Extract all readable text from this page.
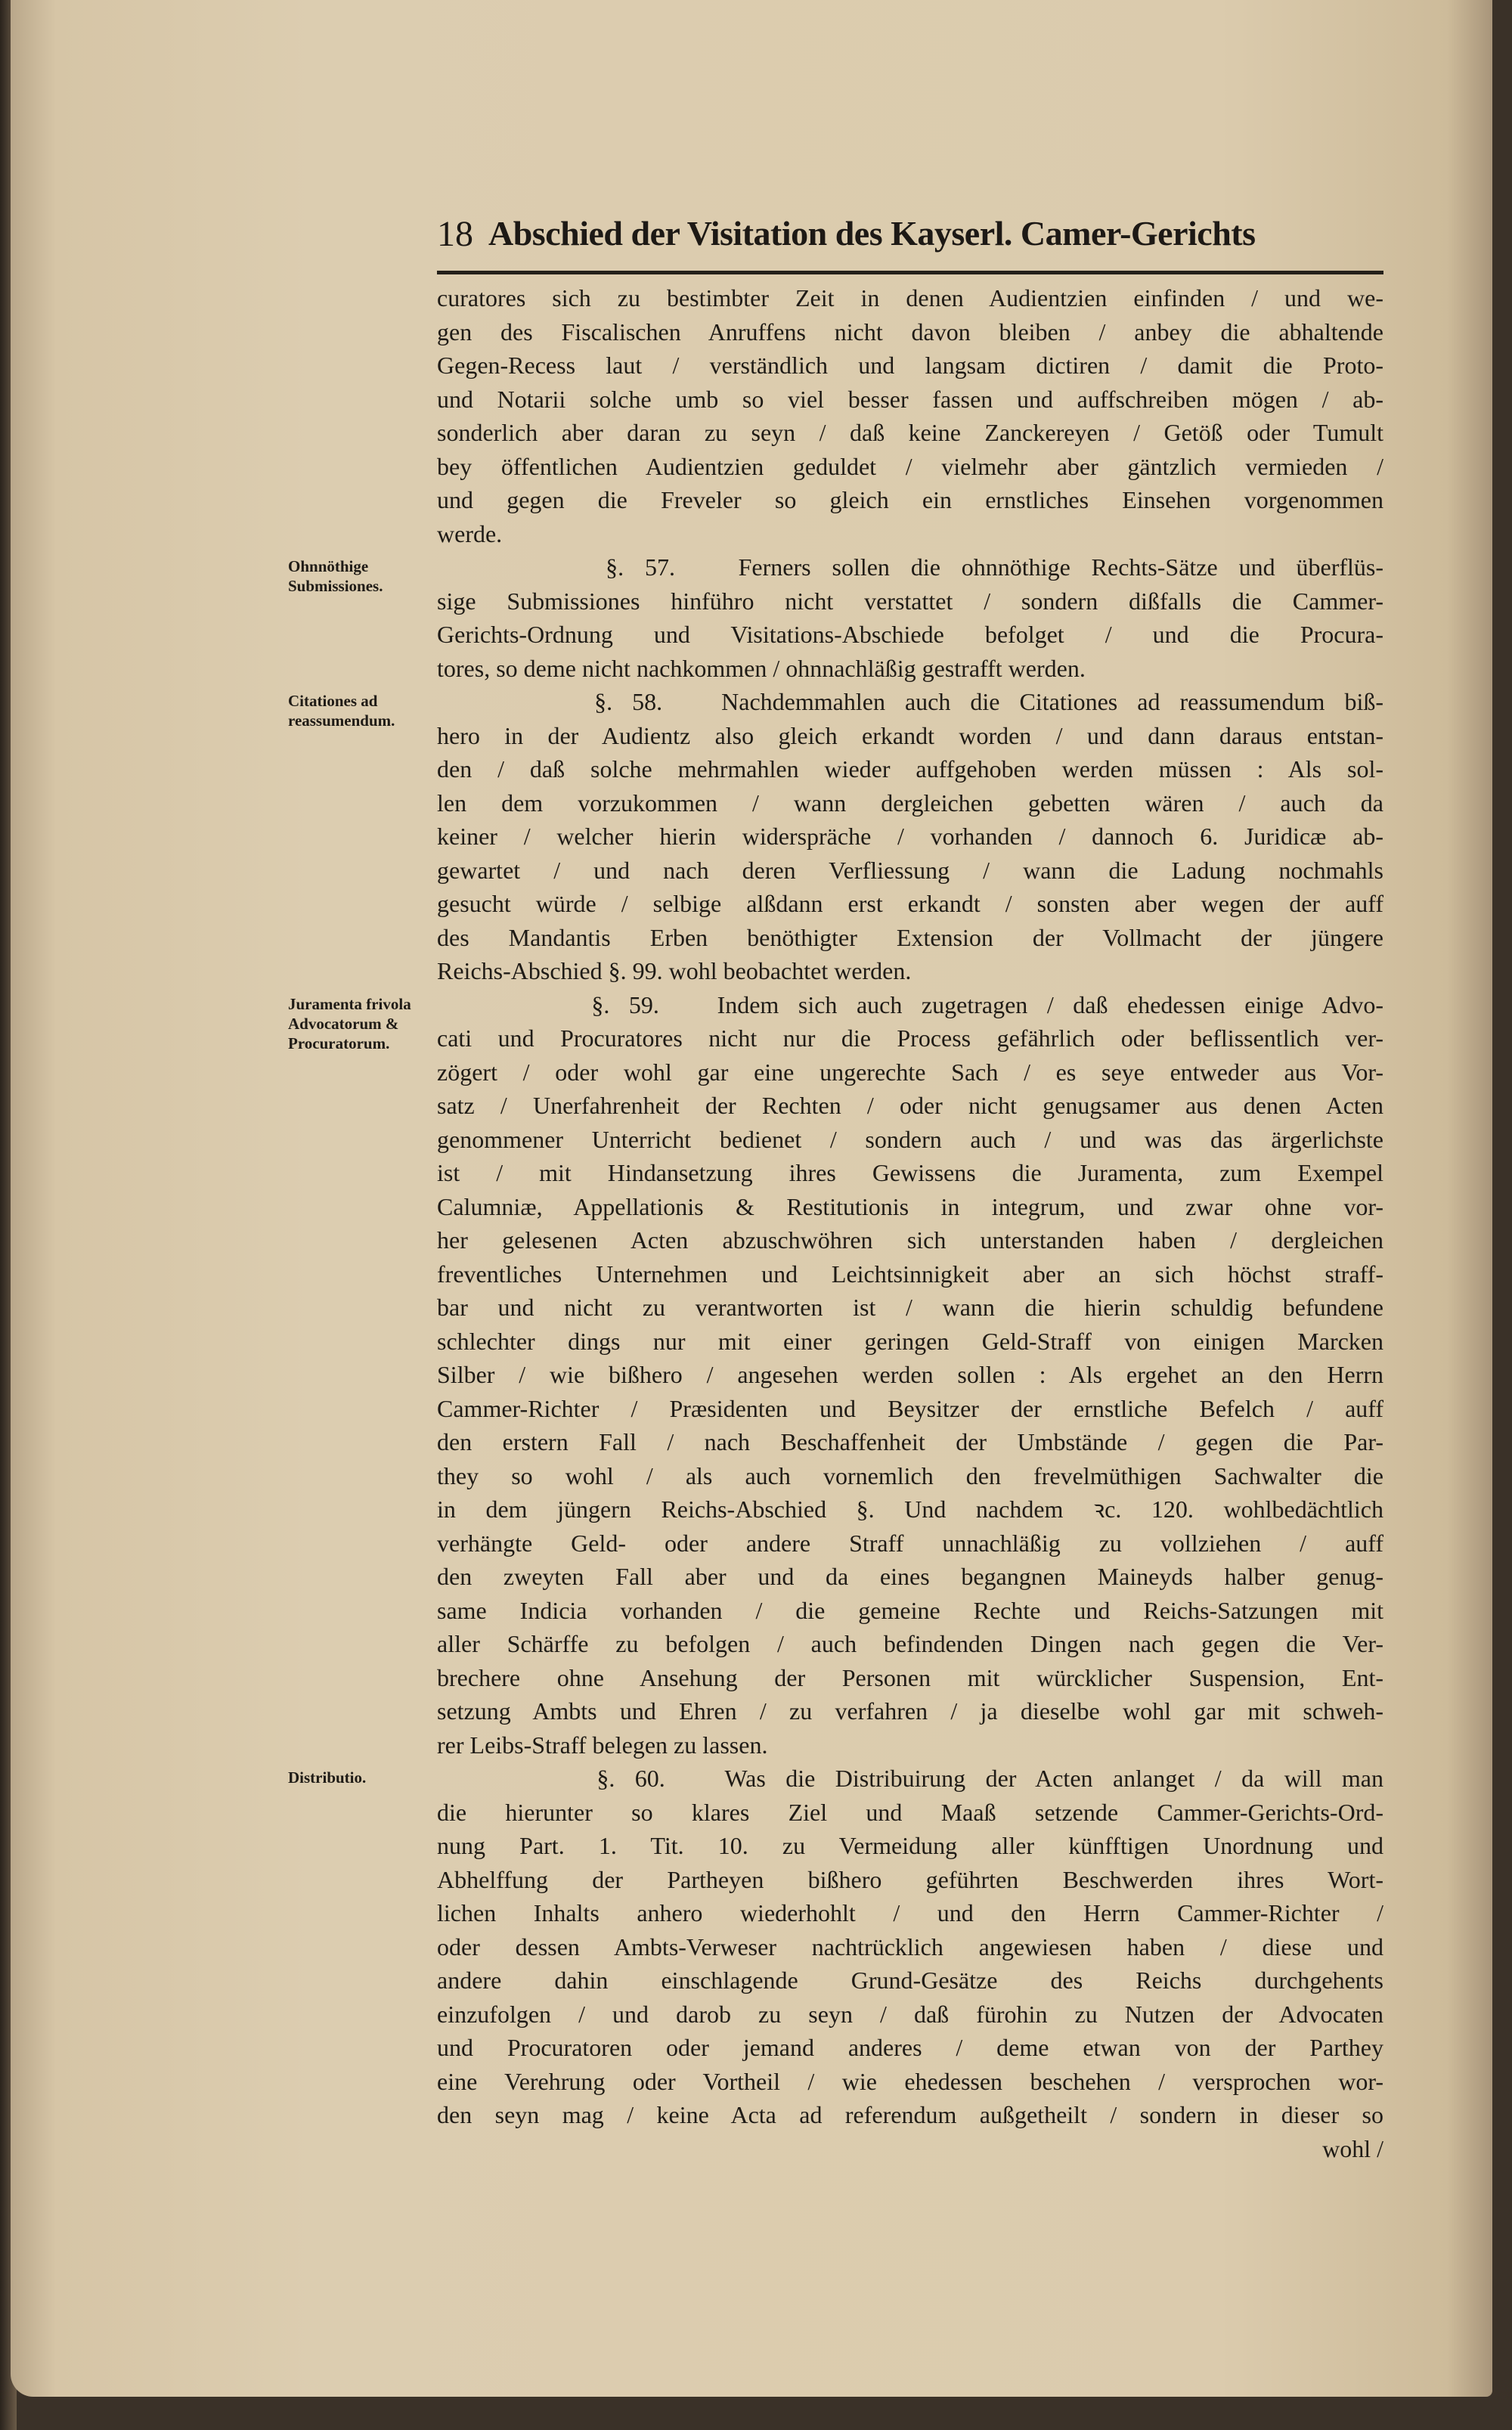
18 Abschied der Visitation des Kayserl. Camer-Gerichts
curatores sich zu bestimbter Zeit in denen Audientzien einfinden / und we-
gen des Fiscalischen Anruffens nicht davon bleiben / anbey die abhaltende
Gegen-Recess laut / verständlich und langsam dictiren / damit die Proto-
und Notarii solche umb so viel besser fassen und auffschreiben mögen / ab-
sonderlich aber daran zu seyn / daß keine Zanckereyen / Getöß oder Tumult
bey öffentlichen Audientzien geduldet / vielmehr aber gäntzlich vermieden /
und gegen die Freveler so gleich ein ernstliches Einsehen vorgenommen
werde.
§. 57.   Ferners sollen die ohnnöthige Rechts-Sätze und überflüs-
sige Submissiones hinführo nicht verstattet / sondern dißfalls die Cammer-
Gerichts-Ordnung und Visitations-Abschiede befolget / und die Procura-
tores, so deme nicht nachkommen / ohnnachläßig gestrafft werden.
§. 58.   Nachdemmahlen auch die Citationes ad reassumendum biß-
hero in der Audientz also gleich erkandt worden / und dann daraus entstan-
den / daß solche mehrmahlen wieder auffgehoben werden müssen : Als sol-
len dem vorzukommen / wann dergleichen gebetten wären / auch da
keiner / welcher hierin widerspräche / vorhanden / dannoch 6. Juridicæ ab-
gewartet / und nach deren Verfliessung / wann die Ladung nochmahls
gesucht würde / selbige alßdann erst erkandt / sonsten aber wegen der auff
des Mandantis Erben benöthigter Extension der Vollmacht der jüngere
Reichs-Abschied §. 99. wohl beobachtet werden.
§. 59.   Indem sich auch zugetragen / daß ehedessen einige Advo-
cati und Procuratores nicht nur die Process gefährlich oder beflissentlich ver-
zögert / oder wohl gar eine ungerechte Sach / es seye entweder aus Vor-
satz / Unerfahrenheit der Rechten / oder nicht genugsamer aus denen Acten
genommener Unterricht bedienet / sondern auch / und was das ärgerlichste
ist / mit Hindansetzung ihres Gewissens die Juramenta, zum Exempel
Calumniæ, Appellationis & Restitutionis in integrum, und zwar ohne vor-
her gelesenen Acten abzuschwöhren sich unterstanden haben / dergleichen
freventliches Unternehmen und Leichtsinnigkeit aber an sich höchst straff-
bar und nicht zu verantworten ist / wann die hierin schuldig befundene
schlechter dings nur mit einer geringen Geld-Straff von einigen Marcken
Silber / wie bißhero / angesehen werden sollen : Als ergehet an den Herrn
Cammer-Richter / Præsidenten und Beysitzer der ernstliche Befelch / auff
den erstern Fall / nach Beschaffenheit der Umbstände / gegen die Par-
they so wohl / als auch vornemlich den frevelmüthigen Sachwalter die
in dem jüngern Reichs-Abschied §. Und nachdem ꝛc. 120. wohlbedächtlich
verhängte Geld- oder andere Straff unnachläßig zu vollziehen / auff
den zweyten Fall aber und da eines begangnen Maineyds halber genug-
same Indicia vorhanden / die gemeine Rechte und Reichs-Satzungen mit
aller Schärffe zu befolgen / auch befindenden Dingen nach gegen die Ver-
brechere ohne Ansehung der Personen mit würcklicher Suspension, Ent-
setzung Ambts und Ehren / zu verfahren / ja dieselbe wohl gar mit schweh-
rer Leibs-Straff belegen zu lassen.
§. 60.   Was die Distribuirung der Acten anlanget / da will man
die hierunter so klares Ziel und Maaß setzende Cammer-Gerichts-Ord-
nung Part. 1. Tit. 10. zu Vermeidung aller künfftigen Unordnung und
Abhelffung der Partheyen bißhero geführten Beschwerden ihres Wort-
lichen Inhalts anhero wiederhohlt / und den Herrn Cammer-Richter /
oder dessen Ambts-Verweser nachtrücklich angewiesen haben / diese und
andere dahin einschlagende Grund-Gesätze des Reichs durchgehents
einzufolgen / und darob zu seyn / daß fürohin zu Nutzen der Advocaten
und Procuratoren oder jemand anderes / deme etwan von der Parthey
eine Verehrung oder Vortheil / wie ehedessen beschehen / versprochen wor-
den seyn mag / keine Acta ad referendum außgetheilt / sondern in dieser so
wohl /
Ohnnöthige Submissiones.
Citationes ad reassumendum.
Juramenta frivola Advocatorum & Procuratorum.
Distributio.
